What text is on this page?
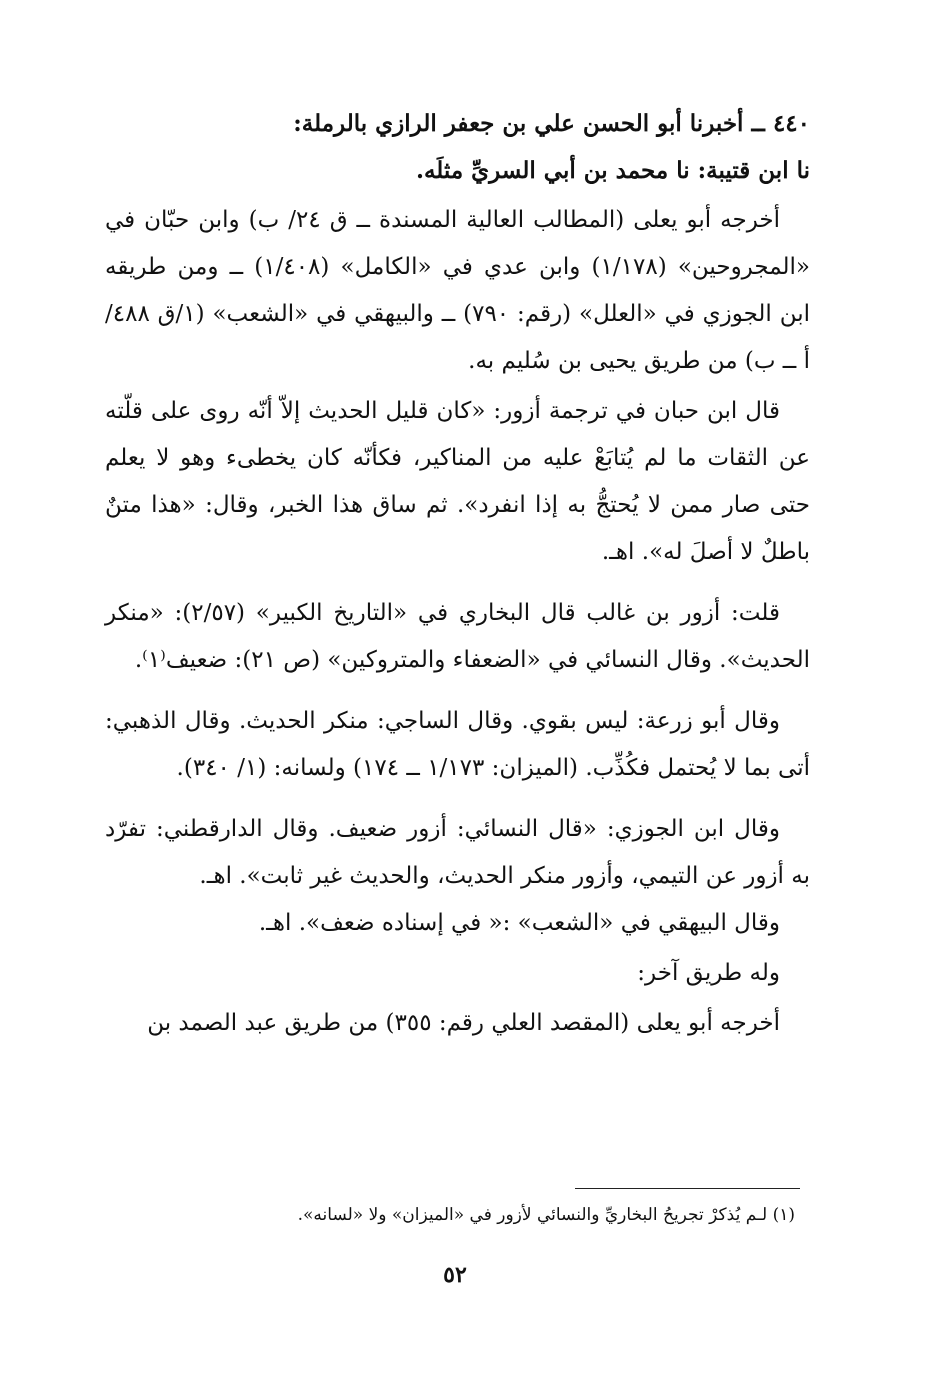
٤٤٠ ــ أخبرنا أبو الحسن علي بن جعفر الرازي بالرملة:

نا ابن قتيبة: نا محمد بن أبي السريِّ مثلَه.

أخرجه أبو يعلى (المطالب العالية المسندة ــ ق ٢٤/ ب) وابن حبّان في «المجروحين» (١/١٧٨) وابن عدي في «الكامل» (١/٤٠٨) ــ ومن طريقه ابن الجوزي في «العلل» (رقم: ٧٩٠) ــ والبيهقي في «الشعب» (١/ق ٤٨٨/ أ ــ ب) من طريق يحيى بن سُليم به.

قال ابن حبان في ترجمة أزور: «كان قليل الحديث إلاّ أنّه روى على قلّته عن الثقات ما لم يُتابَعْ عليه من المناكير، فكأنّه كان يخطىء وهو لا يعلم حتى صار ممن لا يُحتجُّ به إذا انفرد». ثم ساق هذا الخبر، وقال: «هذا متنٌ باطلٌ لا أصلَ له». اهـ.

قلت: أزور بن غالب قال البخاري في «التاريخ الكبير» (٢/٥٧): «منكر الحديث». وقال النسائي في «الضعفاء والمتروكين» (ص ٢١): ضعيف⁽١⁾.

وقال أبو زرعة: ليس بقوي. وقال الساجي: منكر الحديث. وقال الذهبي: أتى بما لا يُحتمل فكُذِّب. (الميزان: ١/١٧٣ ــ ١٧٤) ولسانه: (١/ ٣٤٠).

وقال ابن الجوزي: «قال النسائي: أزور ضعيف. وقال الدارقطني: تفرّد به أزور عن التيمي، وأزور منكر الحديث، والحديث غير ثابت». اهـ.

وقال البيهقي في «الشعب» :« في إسناده ضعف». اهـ.

وله طريق آخر:

أخرجه أبو يعلى (المقصد العلي رقم: ٣٥٥) من طريق عبد الصمد بن

(١) لـم يُذكرْ تجريحُ البخاريِّ والنسائي لأزور في «الميزان» ولا «لسانه».

٥٢
